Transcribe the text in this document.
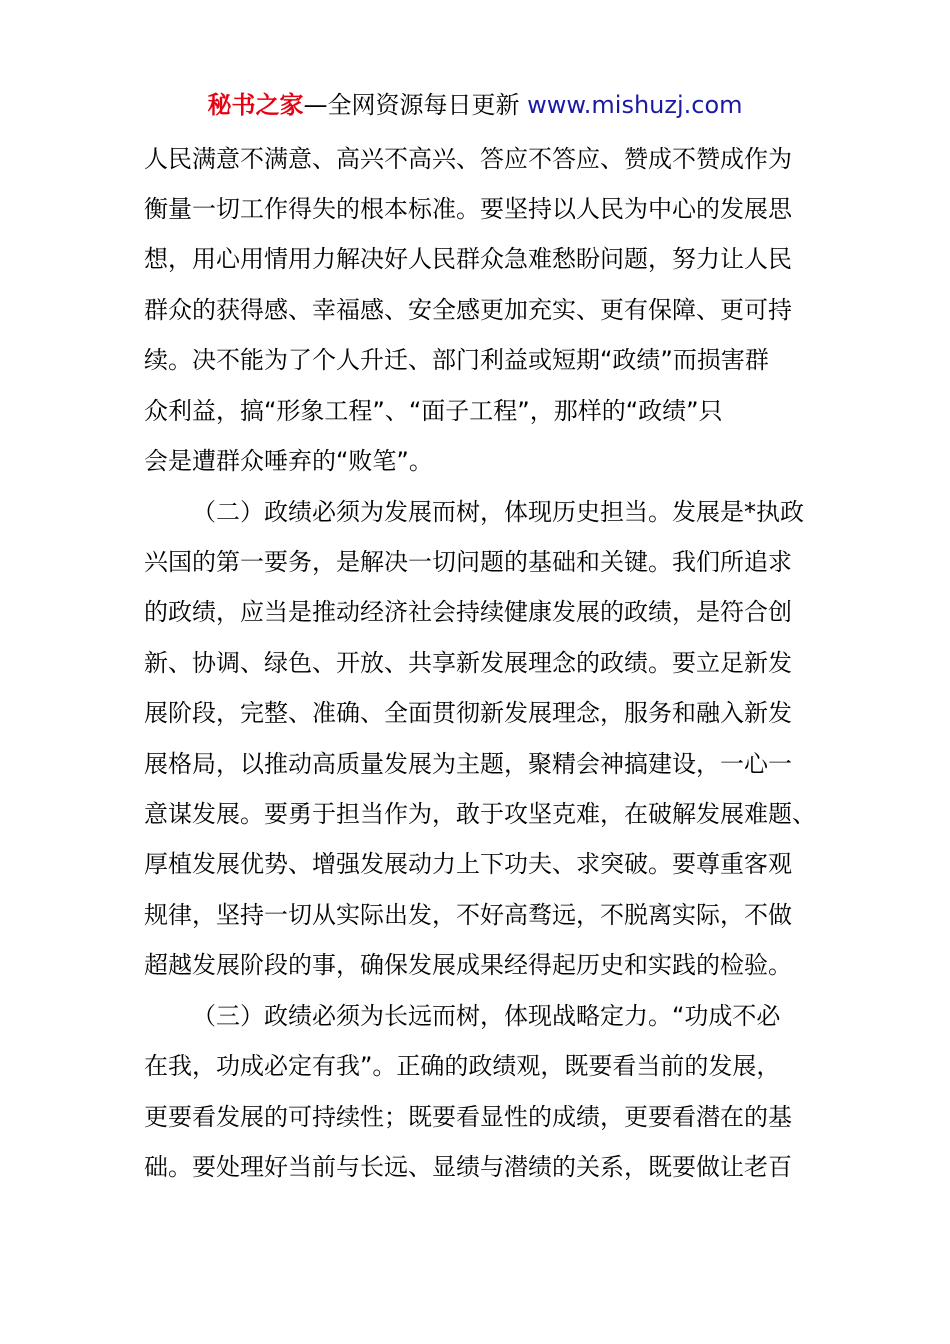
秘书之家—全网资源每日更新 www.mishuzj.com
人民满意不满意、高兴不高兴、答应不答应、赞成不赞成作为
衡量一切工作得失的根本标准。要坚持以人民为中心的发展思
想，用心用情用力解决好人民群众急难愁盼问题，努力让人民
群众的获得感、幸福感、安全感更加充实、更有保障、更可持
续。决不能为了个人升迁、部门利益或短期“政绩”而损害群
众利益，搞“形象工程”、“面子工程”，那样的“政绩”只
会是遭群众唾弃的“败笔”。
（二）政绩必须为发展而树，体现历史担当。发展是*执政
兴国的第一要务，是解决一切问题的基础和关键。我们所追求
的政绩，应当是推动经济社会持续健康发展的政绩，是符合创
新、协调、绿色、开放、共享新发展理念的政绩。要立足新发
展阶段，完整、准确、全面贯彻新发展理念，服务和融入新发
展格局，以推动高质量发展为主题，聚精会神搞建设，一心一
意谋发展。要勇于担当作为，敢于攻坚克难，在破解发展难题、
厚植发展优势、增强发展动力上下功夫、求突破。要尊重客观
规律，坚持一切从实际出发，不好高骛远，不脱离实际，不做
超越发展阶段的事，确保发展成果经得起历史和实践的检验。
（三）政绩必须为长远而树，体现战略定力。“功成不必
在我，功成必定有我”。正确的政绩观，既要看当前的发展，
更要看发展的可持续性；既要看显性的成绩，更要看潜在的基
础。要处理好当前与长远、显绩与潜绩的关系，既要做让老百
